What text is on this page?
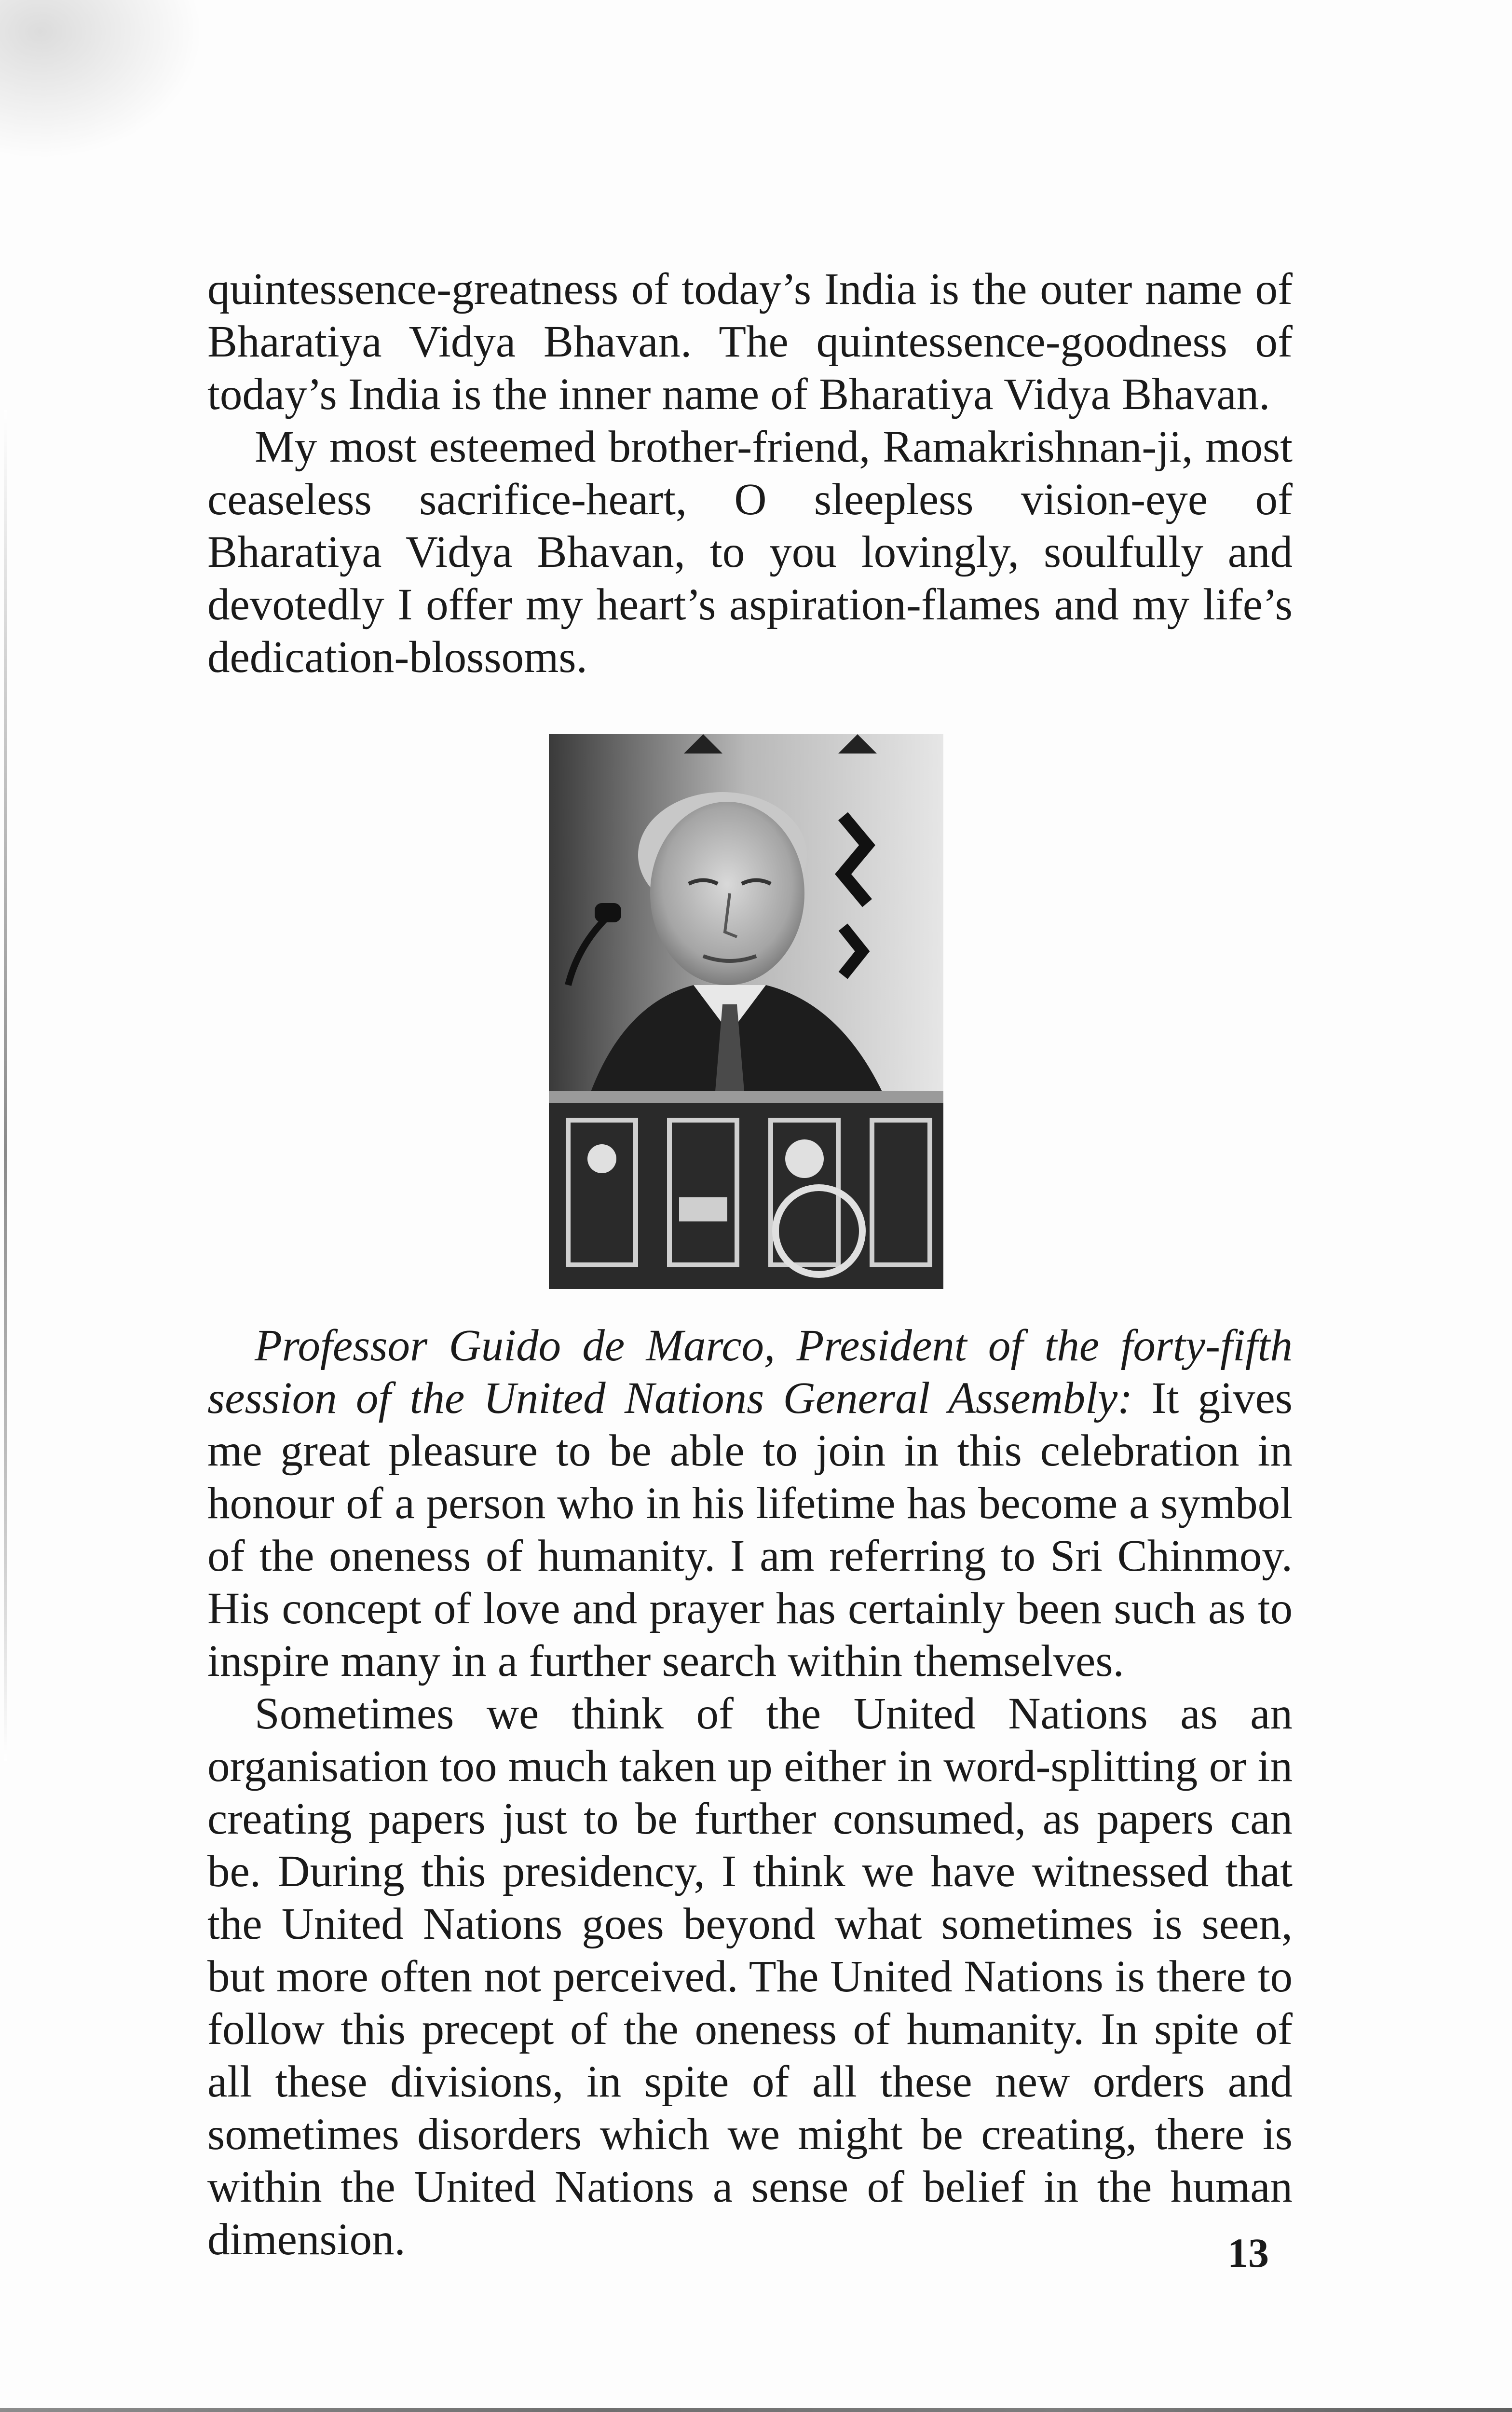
quintessence-greatness of today’s India is the outer name of Bharatiya Vidya Bhavan. The quintessence-goodness of today’s India is the inner name of Bharatiya Vidya Bhavan.

My most esteemed brother-friend, Ramakrishnan-ji, most ceaseless sacrifice-heart, O sleepless vision-eye of Bharatiya Vidya Bhavan, to you lovingly, soulfully and devotedly I offer my heart’s aspiration-flames and my life’s dedication-blossoms.

Professor Guido de Marco, President of the forty-fifth session of the United Nations General Assembly: It gives me great pleasure to be able to join in this celebration in honour of a person who in his lifetime has become a symbol of the oneness of humanity. I am referring to Sri Chinmoy. His concept of love and prayer has certainly been such as to inspire many in a further search within themselves.

Sometimes we think of the United Nations as an organisation too much taken up either in word-splitting or in creating papers just to be further consumed, as papers can be. During this presidency, I think we have witnessed that the United Nations goes beyond what sometimes is seen, but more often not perceived. The United Nations is there to follow this precept of the oneness of humanity. In spite of all these divisions, in spite of all these new orders and sometimes disorders which we might be creating, there is within the United Nations a sense of belief in the human dimension.	13
